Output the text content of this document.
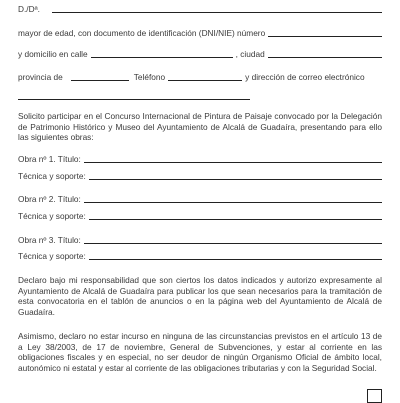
D./Dª.
mayor de edad, con documento de identificación (DNI/NIE) número
y domicilio en calle	, ciudad
provincia de	Teléfono	y dirección de correo electrónico
Solicito participar en el Concurso Internacional de Pintura de Paisaje convocado por la Delegación de Patrimonio Histórico y Museo del Ayuntamiento de Alcalá de Guadaíra, presentando para ello las siguientes obras:
Obra nº 1. Título:
Técnica y soporte:
Obra nº 2. Título:
Técnica y soporte:
Obra nº 3. Título:
Técnica y soporte:
Declaro bajo mi responsabilidad que son ciertos los datos indicados y autorizo expresamente al Ayuntamiento de Alcalá de Guadaíra para publicar los que sean necesarios para la tramitación de esta convocatoria en el tablón de anuncios o en la página web del Ayuntamiento de Alcalá de Guadaíra.
Asimismo, declaro no estar incurso en ninguna de las circunstancias previstos en el artículo 13 de a Ley 38/2003, de 17 de noviembre, General de Subvenciones, y estar al corriente en las obligaciones fiscales y en especial, no ser deudor de ningún Organismo Oficial de ámbito local, autonómico ni estatal y estar al corriente de las obligaciones tributarias y con la Seguridad Social.
